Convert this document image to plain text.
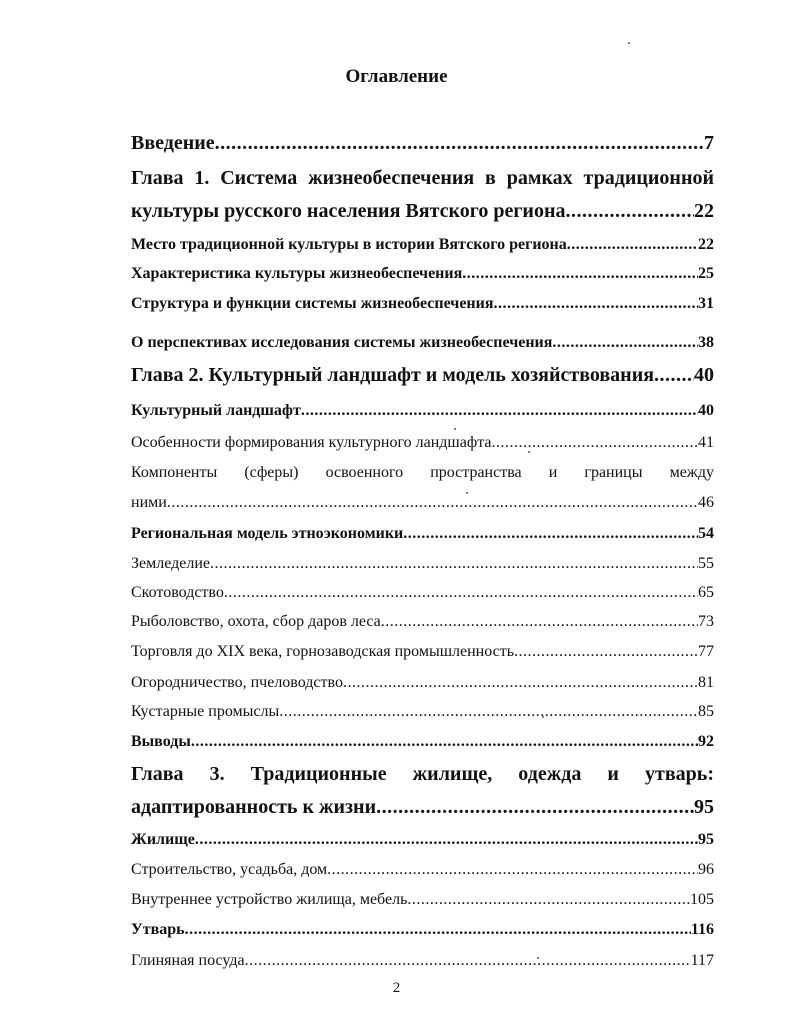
Оглавление
Введение .....	7
Глава 1. Система жизнеобеспечения в рамках традиционной
культуры русского населения Вятского региона .....	22
Место традиционной культуры в истории Вятского региона .....	22
Характеристика культуры жизнеобеспечения .....	25
Структура и функции системы жизнеобеспечения .....	31
О перспективах исследования системы жизнеобеспечения .....	38
Глава 2. Культурный ландшафт и модель хозяйствования ..... 40
Культурный ландшафт .....	40
Особенности формирования культурного ландшафта .....	41
Компоненты (сферы) освоенного пространства и границы между
ними .....	46
Региональная модель этноэкономики .....	54
Земледелие .....	55
Скотоводство .....	65
Рыболовство, охота, сбор даров леса .....	73
Торговля до XIX века, горнозаводская промышленность .....	77
Огородничество, пчеловодство .....	81
Кустарные промыслы .....	85
Выводы .....	92
Глава 3. Традиционные жилище, одежда и утварь:
адаптированность к жизни .....	95
Жилище .....	95
Строительство, усадьба, дом .....	96
Внутреннее устройство жилища, мебель .....	105
Утварь .....	116
Глиняная посуда .....	117
2
